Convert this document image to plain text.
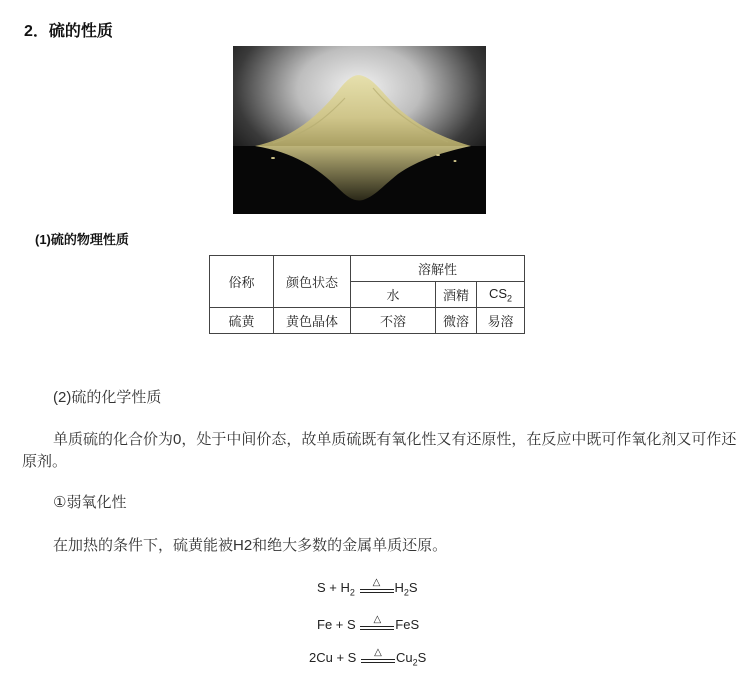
2．硫的性质
(1)硫的物理性质
俗称	颜色状态	溶解性		
		水	酒精	$CS_2$
硫黄	黄色晶体	不溶	微溶	易溶
(2)硫的化学性质
单质硫的化合价为0，处于中间价态，故单质硫既有氧化性又有还原性，在反应中既可作氧化剂又可作还原剂。
①弱氧化性
在加热的条件下，硫黄能被H2和绝大多数的金属单质还原。
$S + H_2$
△	$H_2S$
Fe + S	△	FeS
2Cu + S	△	$Cu_2S$
